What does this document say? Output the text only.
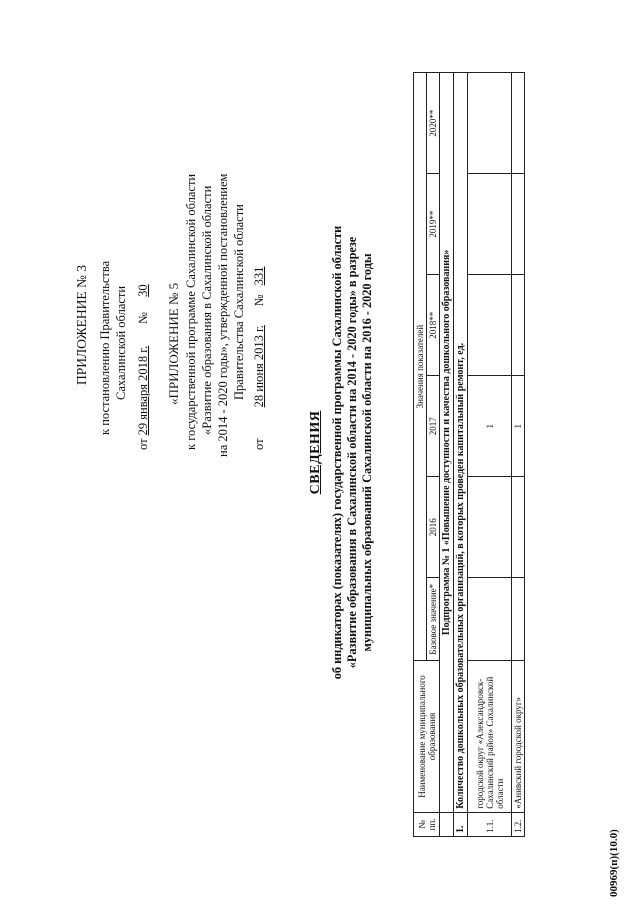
ПРИЛОЖЕНИЕ № 3 к постановлению Правительства Сахалинской области
от 29 января 2018 г.       № 30 «ПРИЛОЖЕНИЕ № 5 к государственной программе Сахалинской области «Развитие образования в Сахалинской области на 2014 - 2020 годы», утвержденной постановлением Правительства Сахалинской области
от 28 июня 2013 г.      № 331
СВЕДЕНИЯ об индикаторах (показателях) государственной программы Сахалинской области «Развитие образования в Сахалинской области на 2014 - 2020 годы» в разрезе муниципальных образований Сахалинской области на 2016 - 2020 годы
№ пп.	Наименование муниципального образования	Значения показателей					
		Базовое значение*	2016	2017	2018**	2019**	2020**
	Подпрограмма № 1 «Повышение доступности и качества дошкольного образования»						
1.	Количество дошкольных образовательных организаций, в которых проведен капитальный ремонт, ед.						
1.1.	городской округ «Александровск-Сахалинский район» Сахалинской области			1			
1.2.	«Анивский городской округ»			1			
00969(п)(10.0)
